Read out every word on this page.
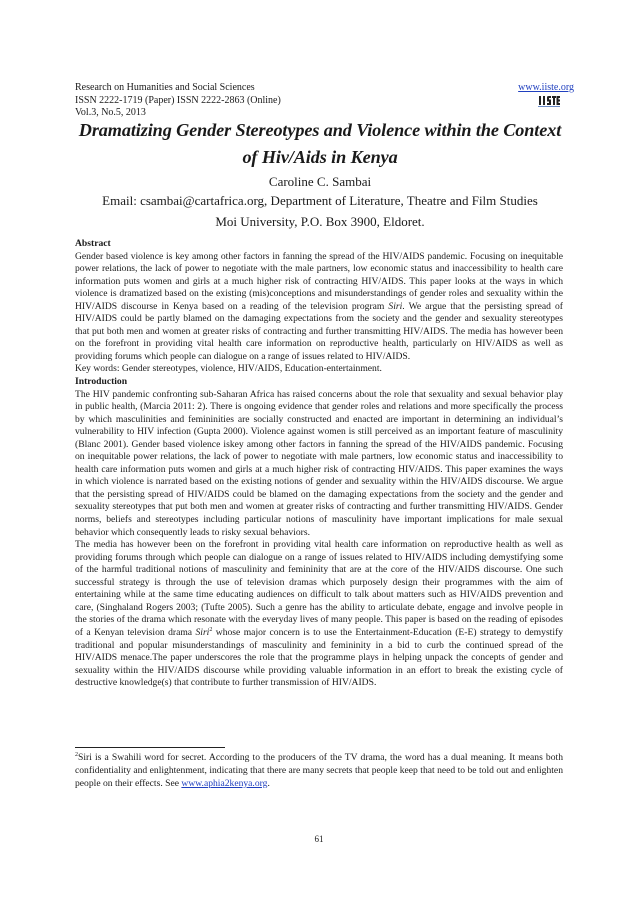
Research on Humanities and Social Sciences
ISSN 2222-1719 (Paper) ISSN 2222-2863 (Online)
Vol.3, No.5, 2013
www.iiste.org
Dramatizing Gender Stereotypes and Violence within the Context of Hiv/Aids in Kenya
Caroline C. Sambai
Email: csambai@cartafrica.org, Department of Literature, Theatre and Film Studies
Moi University, P.O. Box 3900, Eldoret.

Abstract

Gender based violence is key among other factors in fanning the spread of the HIV/AIDS pandemic. Focusing on inequitable power relations, the lack of power to negotiate with the male partners, low economic status and inaccessibility to health care information puts women and girls at a much higher risk of contracting HIV/AIDS. This paper looks at the ways in which violence is dramatized based on the existing (mis)conceptions and misunderstandings of gender roles and sexuality within the HIV/AIDS discourse in Kenya based on a reading of the television program Siri. We argue that the persisting spread of HIV/AIDS could be partly blamed on the damaging expectations from the society and the gender and sexuality stereotypes that put both men and women at greater risks of contracting and further transmitting HIV/AIDS. The media has however been on the forefront in providing vital health care information on reproductive health, particularly on HIV/AIDS as well as providing forums which people can dialogue on a range of issues related to HIV/AIDS.

Key words: Gender stereotypes, violence, HIV/AIDS, Education-entertainment.

Introduction

The HIV pandemic confronting sub-Saharan Africa has raised concerns about the role that sexuality and sexual behavior play in public health, (Marcia 2011: 2). There is ongoing evidence that gender roles and relations and more specifically the process by which masculinities and femininities are socially constructed and enacted are important in determining an individual’s vulnerability to HIV infection (Gupta 2000). Violence against women is still perceived as an important feature of masculinity (Blanc 2001). Gender based violence iskey among other factors in fanning the spread of the HIV/AIDS pandemic. Focusing on inequitable power relations, the lack of power to negotiate with male partners, low economic status and inaccessibility to health care information puts women and girls at a much higher risk of contracting HIV/AIDS. This paper examines the ways in which violence is narrated based on the existing notions of gender and sexuality within the HIV/AIDS discourse. We argue that the persisting spread of HIV/AIDS could be blamed on the damaging expectations from the society and the gender and sexuality stereotypes that put both men and women at greater risks of contracting and further transmitting HIV/AIDS. Gender norms, beliefs and stereotypes including particular notions of masculinity have important implications for male sexual behavior which consequently leads to risky sexual behaviors.

The media has however been on the forefront in providing vital health care information on reproductive health as well as providing forums through which people can dialogue on a range of issues related to HIV/AIDS including demystifying some of the harmful traditional notions of masculinity and femininity that are at the core of the HIV/AIDS discourse. One such successful strategy is through the use of television dramas which purposely design their programmes with the aim of entertaining while at the same time educating audiences on difficult to talk about matters such as HIV/AIDS prevention and care, (Singhaland Rogers 2003; (Tufte 2005). Such a genre has the ability to articulate debate, engage and involve people in the stories of the drama which resonate with the everyday lives of many people. This paper is based on the reading of episodes of a Kenyan television drama Siri$^2$ whose major concern is to use the Entertainment-Education (E-E) strategy to demystify traditional and popular misunderstandings of masculinity and femininity in a bid to curb the continued spread of the HIV/AIDS menace.The paper underscores the role that the programme plays in helping unpack the concepts of gender and sexuality within the HIV/AIDS discourse while providing valuable information in an effort to break the existing cycle of destructive knowledge(s) that contribute to further transmission of HIV/AIDS.

$^2$Siri is a Swahili word for secret. According to the producers of the TV drama, the word has a dual meaning. It means both confidentiality and enlightenment, indicating that there are many secrets that people keep that need to be told out and enlighten people on their effects. See www.aphia2kenya.org.
61
